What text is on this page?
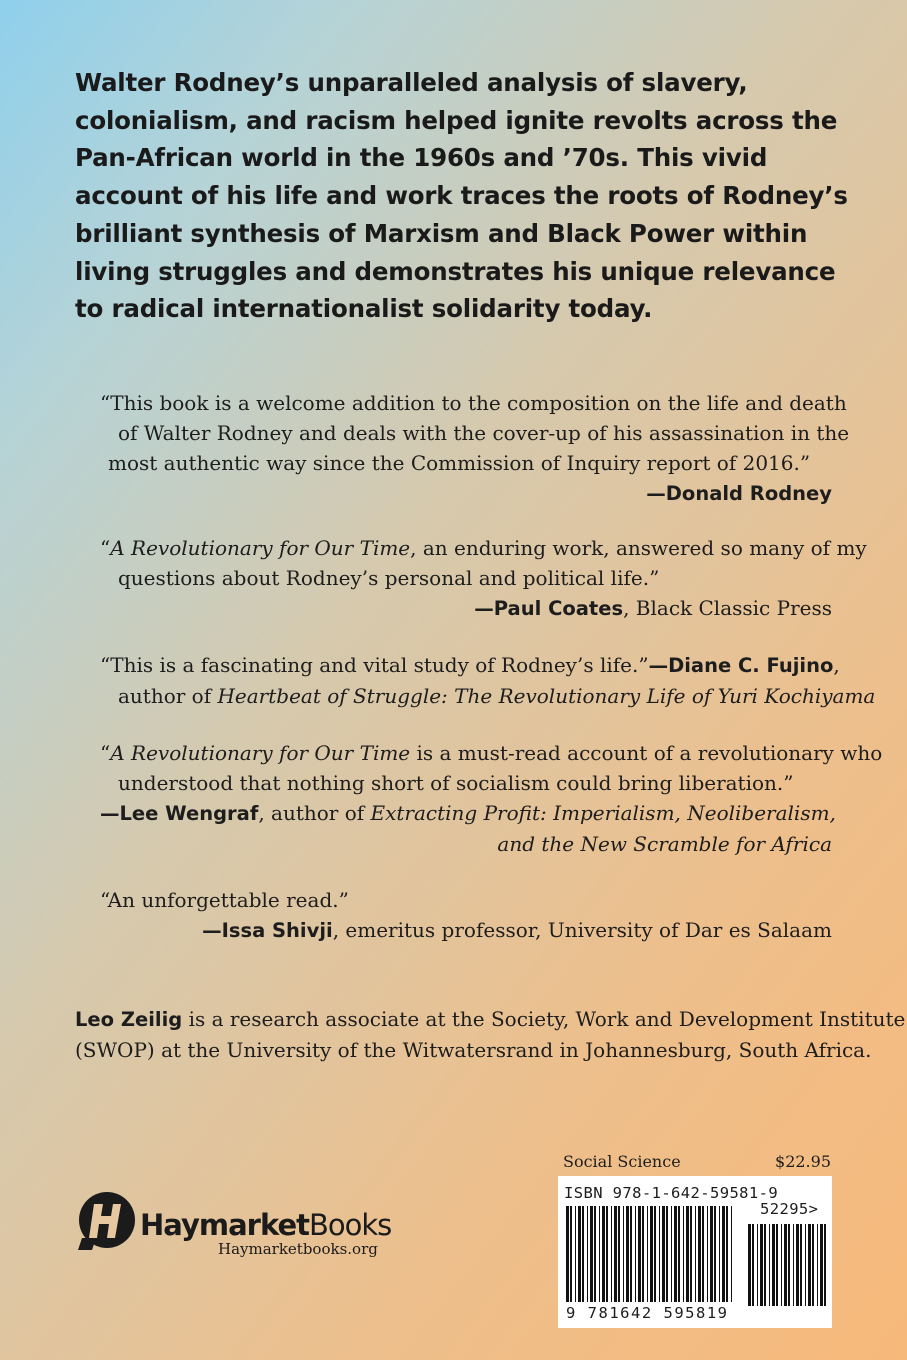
Walter Rodney’s unparalleled analysis of slavery, colonialism, and racism helped ignite revolts across the Pan-African world in the 1960s and ’70s. This vivid account of his life and work traces the roots of Rodney’s brilliant synthesis of Marxism and Black Power within living struggles and demonstrates his unique relevance to radical internationalist solidarity today.

“This book is a welcome addition to the composition on the life and death
of Walter Rodney and deals with the cover-up of his assassination in the
most authentic way since the Commission of Inquiry report of 2016.”
—Donald Rodney
“A Revolutionary for Our Time, an enduring work, answered so many of my
questions about Rodney’s personal and political life.”
—Paul Coates, Black Classic Press
“This is a fascinating and vital study of Rodney’s life.”—Diane C. Fujino,
author of Heartbeat of Struggle: The Revolutionary Life of Yuri Kochiyama
“A Revolutionary for Our Time is a must-read account of a revolutionary who
understood that nothing short of socialism could bring liberation.”
—Lee Wengraf, author of Extracting Profit: Imperialism, Neoliberalism,
and the New Scramble for Africa
“An unforgettable read.”
—Issa Shivji, emeritus professor, University of Dar es Salaam
Leo Zeilig is a research associate at the Society, Work and Development Institute
(SWOP) at the University of the Witwatersrand in Johannesburg, South Africa.
Social Science	$22.95
ISBN 978-1-642-59581-9
52295>
9 781642 595819
HaymarketBooks
Haymarketbooks.org
